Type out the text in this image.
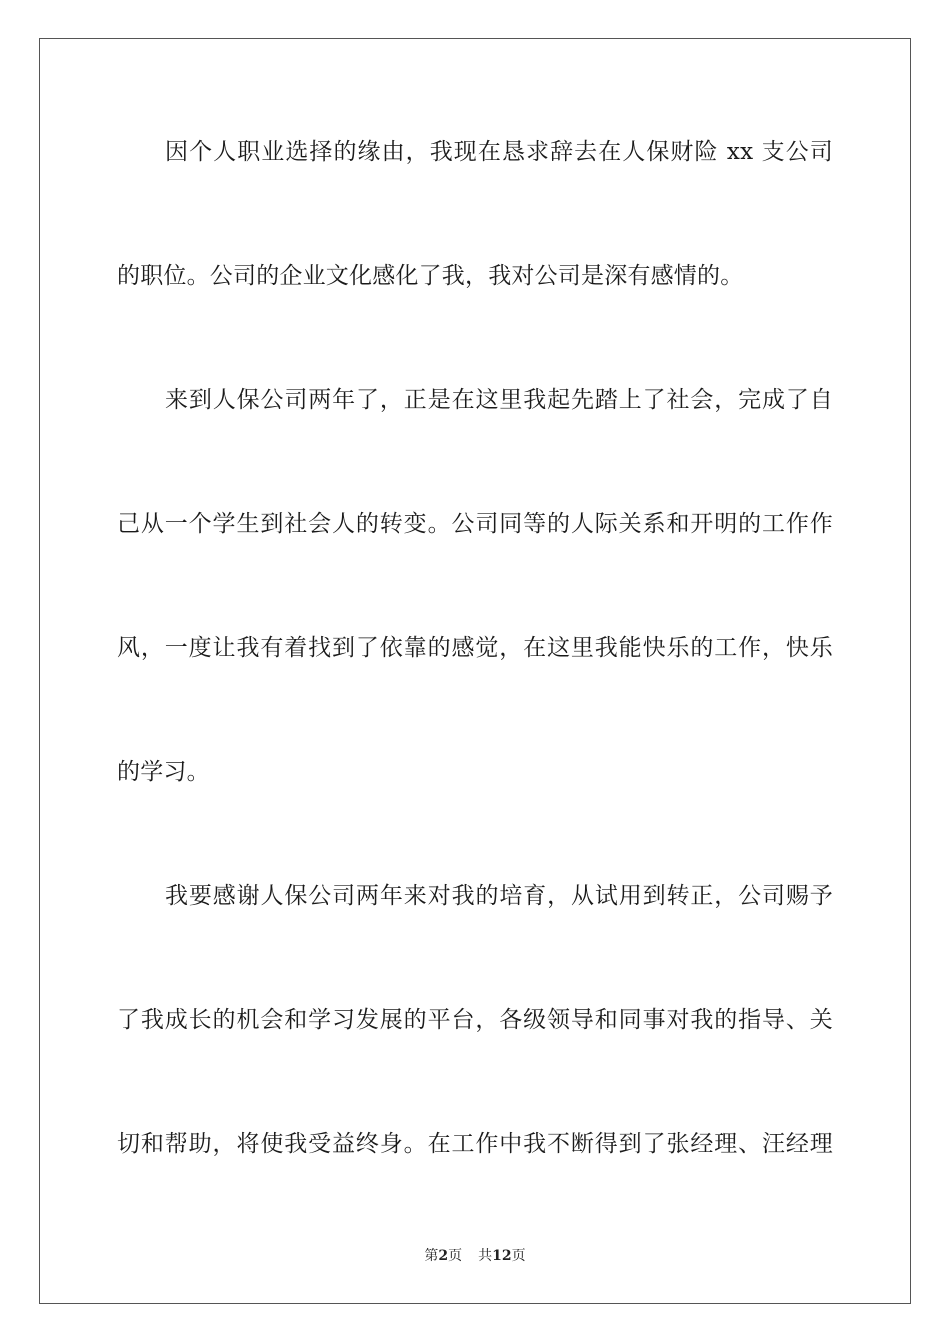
因个人职业选择的缘由，我现在恳求辞去在人保财险 xx 支公司
的职位。公司的企业文化感化了我，我对公司是深有感情的。
来到人保公司两年了，正是在这里我起先踏上了社会，完成了自
己从一个学生到社会人的转变。公司同等的人际关系和开明的工作作
风，一度让我有着找到了依靠的感觉，在这里我能快乐的工作，快乐
的学习。
我要感谢人保公司两年来对我的培育，从试用到转正，公司赐予
了我成长的机会和学习发展的平台，各级领导和同事对我的指导、关
切和帮助，将使我受益终身。在工作中我不断得到了张经理、汪经理
第2页 共12页
